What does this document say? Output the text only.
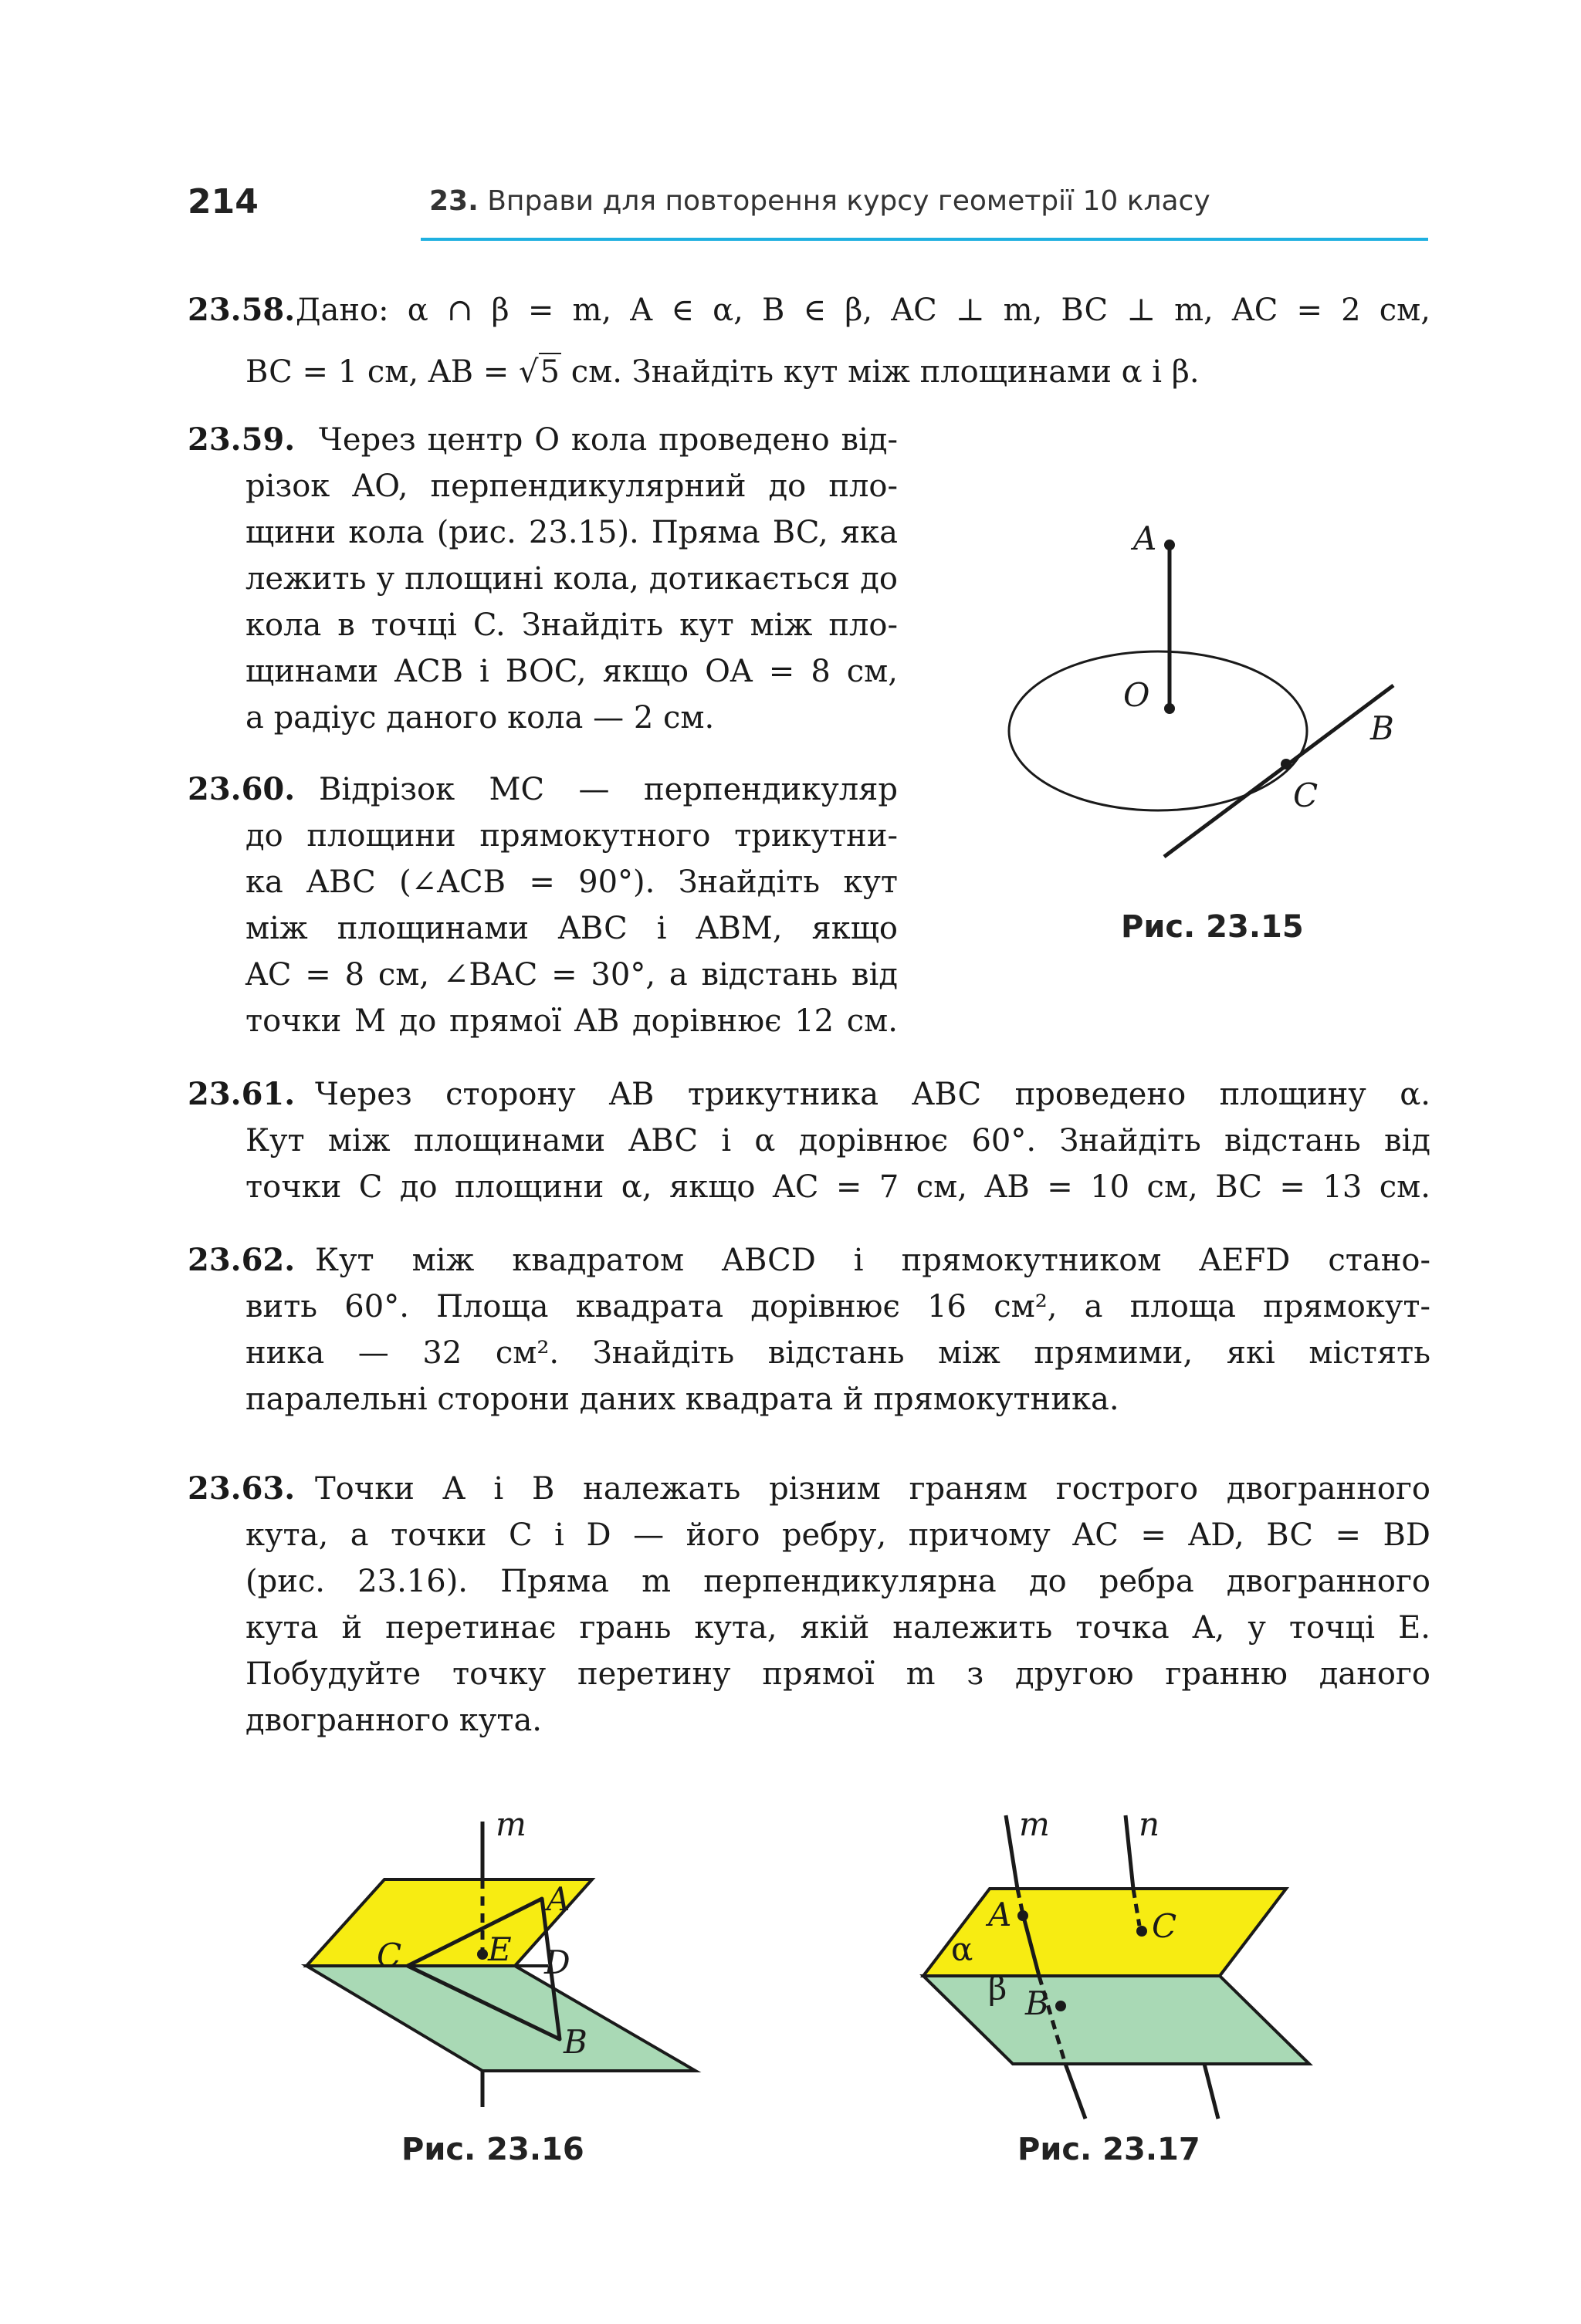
214	23. Вправи для повторення курсу геометрії 10 класу
23.58. Дано: α ∩ β = m, A ∈ α, B ∈ β, AC ⊥ m, BC ⊥ m, AC = 2 см,
BC = 1 см, AB = √5 см. Знайдіть кут між площинами α і β.
23.59. Через центр O кола проведено від-
різок AO, перпендикулярний до пло-
щини кола (рис. 23.15). Пряма BC, яка
лежить у площині кола, дотикається до
кола в точці C. Знайдіть кут між пло-
щинами ACB і BOC, якщо OA = 8 см,
а радіус даного кола — 2 см.
23.60. Відрізок MC — перпендикуляр
до площини прямокутного трикутни-
ка ABC (∠ACB = 90°). Знайдіть кут
між площинами ABC і ABM, якщо
AC = 8 см, ∠BAC = 30°, а відстань від
точки M до прямої AB дорівнює 12 см.
23.61. Через сторону AB трикутника ABC проведено площину α.
Кут між площинами ABC і α дорівнює 60°. Знайдіть відстань від
точки C до площини α, якщо AC = 7 см, AB = 10 см, BC = 13 см.
23.62. Кут між квадратом ABCD і прямокутником AEFD стано-
вить 60°. Площа квадрата дорівнює 16 см², а площа прямокут-
ника — 32 см². Знайдіть відстань між прямими, які містять
паралельні сторони даних квадрата й прямокутника.
23.63. Точки A і B належать різним граням гострого двогранного
кута, а точки C і D — його ребру, причому AC = AD, BC = BD
(рис. 23.16). Пряма m перпендикулярна до ребра двогранного
кута й перетинає грань кута, якій належить точка A, у точці E.
Побудуйте точку перетину прямої m з другою гранню даного
двогранного кута.
A
O
B
C
Рис. 23.15
m
A
C	E D
B
Рис. 23.16
m	n
A	C
α
β B
Рис. 23.17
